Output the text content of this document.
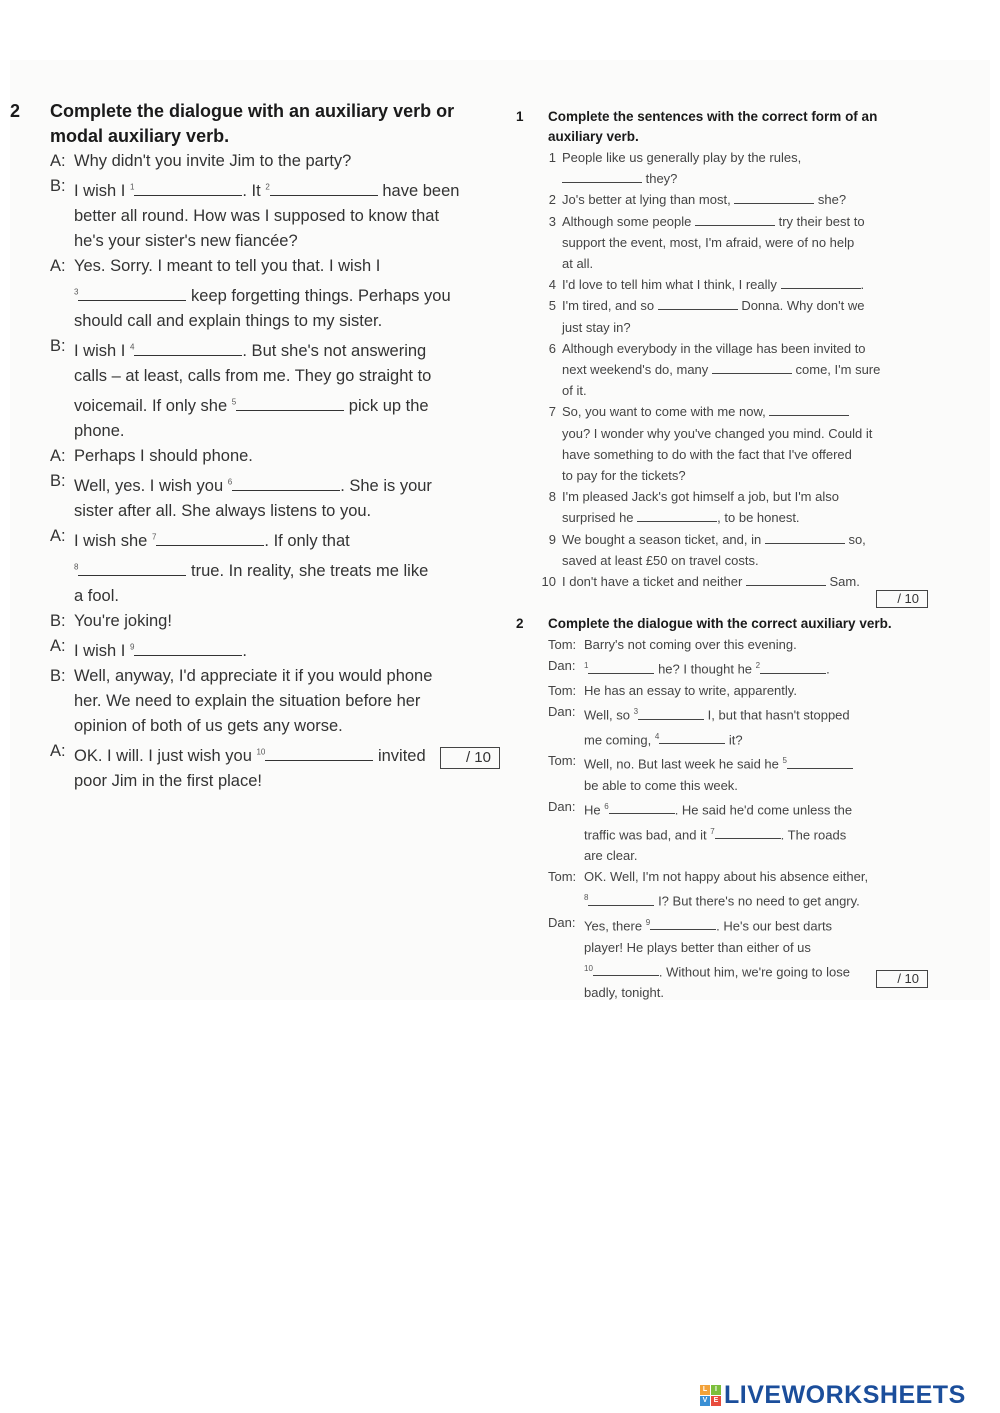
2 Complete the dialogue with an auxiliary verb or modal auxiliary verb.
A: Why didn't you invite Jim to the party?
B: I wish I $^1$	. It $^2$	have been
better all round. How was I supposed to know that
he's your sister's new fiancée?
A: Yes. Sorry. I meant to tell you that. I wish I
$^3$	keep forgetting things. Perhaps you
should call and explain things to my sister.
B: I wish I $^4$	. But she's not answering
calls – at least, calls from me. They go straight to
voicemail. If only she $^5$	pick up the
phone.
A: Perhaps I should phone.
B: Well, yes. I wish you $^6$	. She is your
sister after all. She always listens to you.
A: I wish she $^7$	. If only that
$^8$	true. In reality, she treats me like
a fool.
B: You're joking!
A: I wish I $^9$	.
B: Well, anyway, I'd appreciate it if you would phone
her. We need to explain the situation before her
opinion of both of us gets any worse.
A: OK. I will. I just wish you $^{10}$	invited
poor Jim in the first place!
/ 10
1 Complete the sentences with the correct form of an auxiliary verb.
1 People like us generally play by the rules,
they?
2 Jo's better at lying than most,	she?
3 Although some people	try their best to
support the event, most, I'm afraid, were of no help
at all.
4 I'd love to tell him what I think, I really	.
5 I'm tired, and so	Donna. Why don't we
just stay in?
6 Although everybody in the village has been invited to
next weekend's do, many	come, I'm sure
of it.
7 So, you want to come with me now,
you? I wonder why you've changed you mind. Could it
have something to do with the fact that I've offered
to pay for the tickets?
8 I'm pleased Jack's got himself a job, but I'm also
surprised he	, to be honest.
9 We bought a season ticket, and, in	so,
saved at least £50 on travel costs.
10 I don't have a ticket and neither	Sam.
2 Complete the dialogue with the correct auxiliary verb.
Tom: Barry's not coming over this evening.
Dan:	$^1$	he? I thought he $^2$	.
Tom: He has an essay to write, apparently.
Dan: Well, so $^3$	I, but that hasn't stopped
me coming, $^4$	it?
Tom: Well, no. But last week he said he $^5$
be able to come this week.
Dan: He $^6$	. He said he'd come unless the
traffic was bad, and it $^7$	. The roads
are clear.
Tom: OK. Well, I'm not happy about his absence either,
$^8$	I? But there's no need to get angry.
Dan: Yes, there $^9$	. He's our best darts
player! He plays better than either of us
$^{10}$	. Without him, we're going to lose
badly, tonight.
/ 10
/ 10
L	I
V E LIVEWORKSHEETS
